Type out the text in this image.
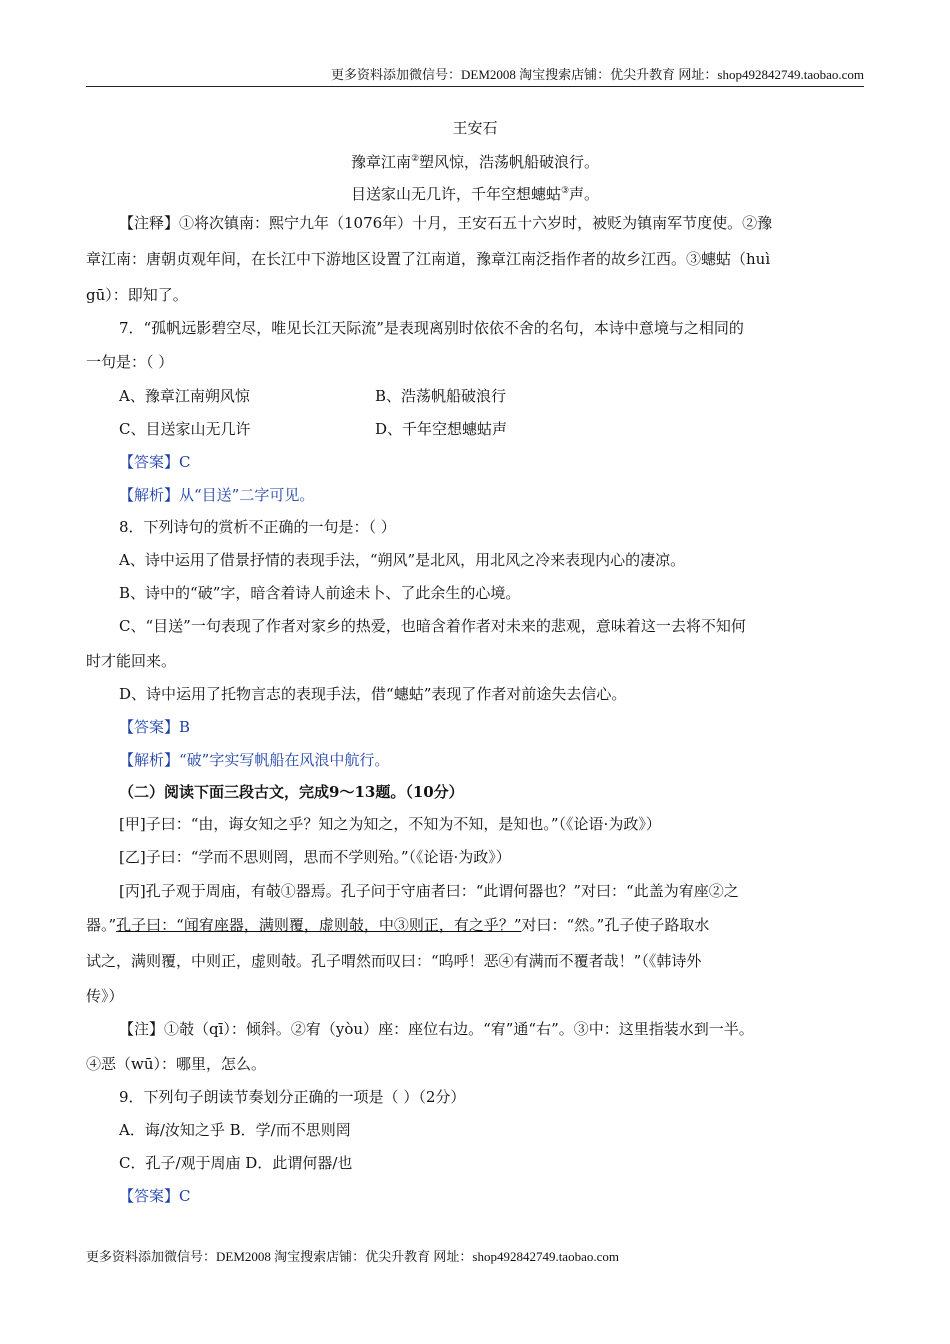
更多资料添加微信号：DEM2008 淘宝搜索店铺：优尖升教育 网址：shop492842749.taobao.com
王安石
豫章江南②塑风惊，浩荡帆船破浪行。
目送家山无几许，千年空想蟪蛄③声。
【注释】①将次镇南：熙宁九年（1076年）十月，王安石五十六岁时，被贬为镇南军节度使。②豫
章江南：唐朝贞观年间，在长江中下游地区设置了江南道，豫章江南泛指作者的故乡江西。③蟪蛄（huì
gū）：即知了。
7．“孤帆远影碧空尽，唯见长江天际流”是表现离别时依依不舍的名句，本诗中意境与之相同的
一句是：（ ）
A、豫章江南朔风惊	B、浩荡帆船破浪行
C、目送家山无几许	D、千年空想蟪蛄声
【答案】C
【解析】从“目送”二字可见。
8．下列诗句的赏析不正确的一句是：（ ）
A、诗中运用了借景抒情的表现手法，“朔风”是北风，用北风之冷来表现内心的凄凉。
B、诗中的“破”字，暗含着诗人前途未卜、了此余生的心境。
C、“目送”一句表现了作者对家乡的热爱，也暗含着作者对未来的悲观，意味着这一去将不知何
时才能回来。
D、诗中运用了托物言志的表现手法，借“蟪蛄”表现了作者对前途失去信心。
【答案】B
【解析】“破”字实写帆船在风浪中航行。
（二）阅读下面三段古文，完成9～13题。（10分）
[甲]子曰：“由，诲女知之乎？知之为知之，不知为不知，是知也。”（《论语·为政》）
[乙]子曰：“学而不思则罔，思而不学则殆。”（《论语·为政》）
[丙]孔子观于周庙，有攲①器焉。孔子问于守庙者曰：“此谓何器也？”对曰：“此盖为宥座②之
器。”孔子曰：“闻宥座器，满则覆，虚则攲，中③则正，有之乎？”对曰：“然。”孔子使子路取水
试之，满则覆，中则正，虚则攲。孔子喟然而叹曰：“呜呼！恶④有满而不覆者哉！”（《韩诗外
传》）
【注】①攲（qī）：倾斜。②宥（yòu）座：座位右边。“宥”通“右”。③中：这里指装水到一半。
④恶（wū）：哪里，怎么。
9．下列句子朗读节奏划分正确的一项是（ ）（2分）
A．诲/汝知之乎 B．学/而不思则罔
C．孔子/观于周庙 D．此谓何器/也
【答案】C
更多资料添加微信号：DEM2008 淘宝搜索店铺：优尖升教育 网址：shop492842749.taobao.com
